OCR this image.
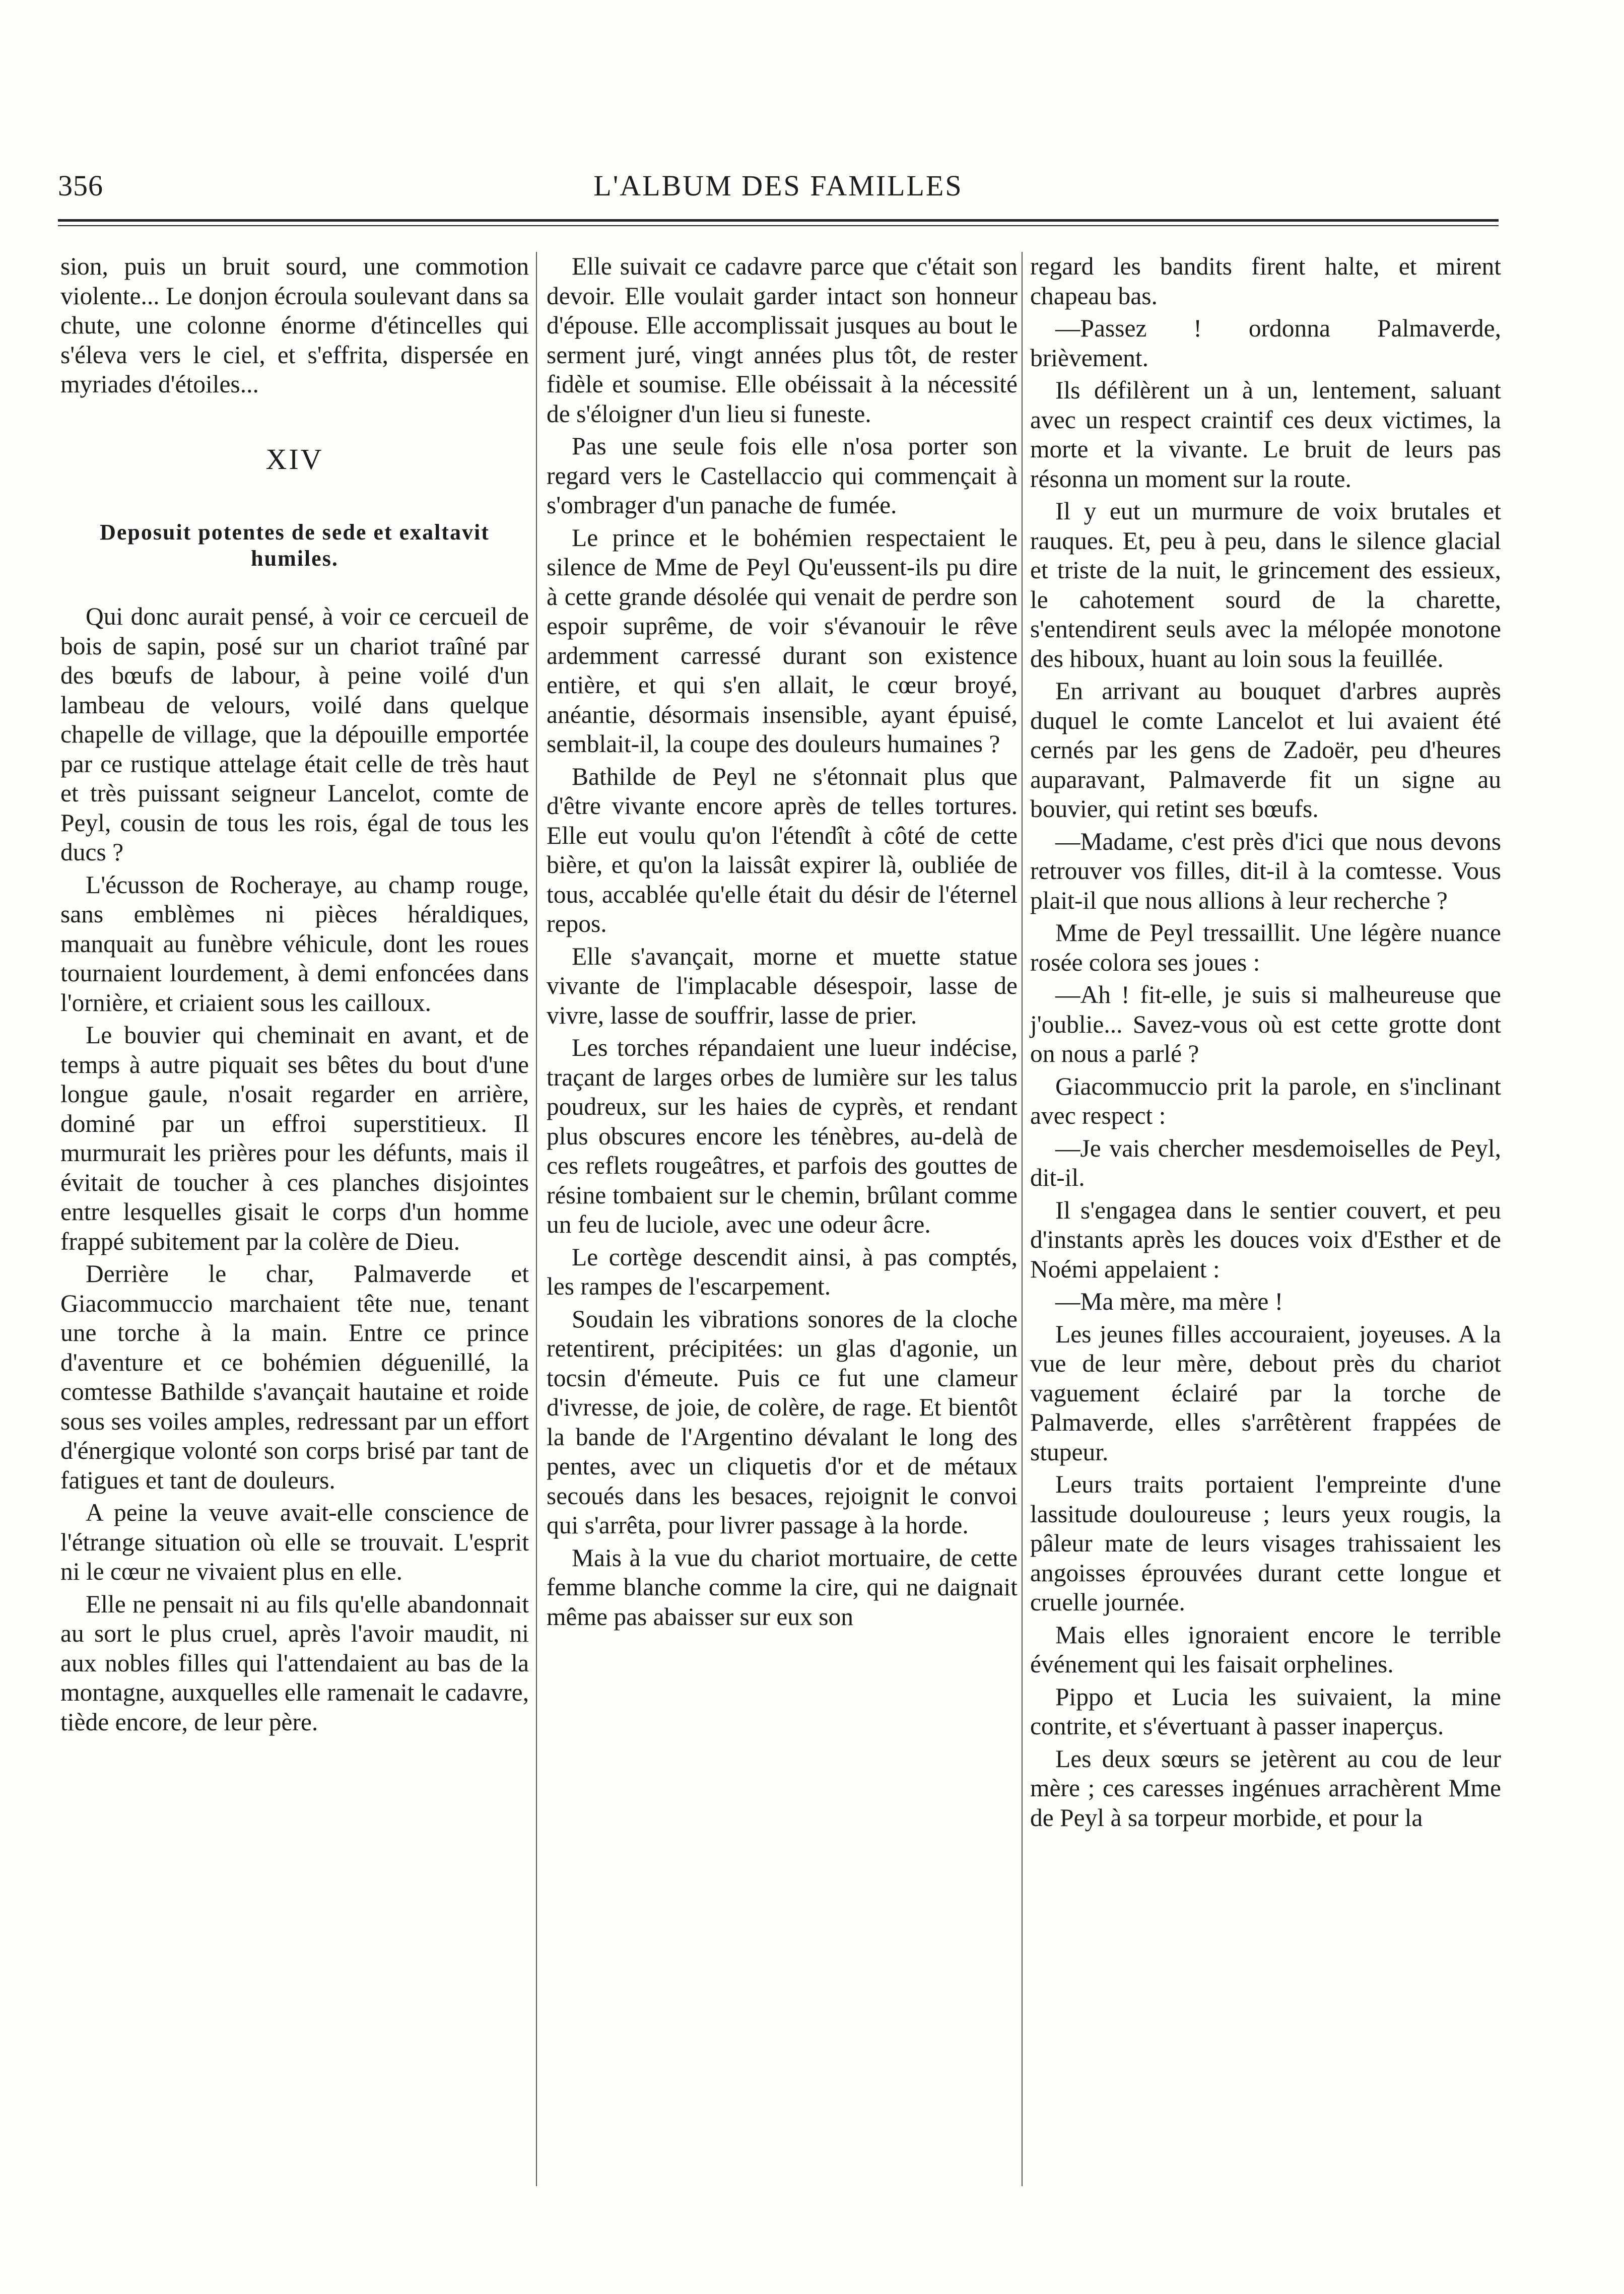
356	L'ALBUM DES FAMILLES

sion, puis un bruit sourd, une commotion violente... Le donjon écroula soulevant dans sa chute, une colonne énorme d'étincelles qui s'éleva vers le ciel, et s'effrita, dispersée en myriades d'étoiles...

XIV
Deposuit potentes de sede et exaltavit humiles.

Qui donc aurait pensé, à voir ce cercueil de bois de sapin, posé sur un chariot traîné par des bœufs de labour, à peine voilé d'un lambeau de velours, voilé dans quelque chapelle de village, que la dépouille emportée par ce rustique attelage était celle de très haut et très puissant seigneur Lancelot, comte de Peyl, cousin de tous les rois, égal de tous les ducs ?

L'écusson de Rocheraye, au champ rouge, sans emblèmes ni pièces héraldiques, manquait au funèbre véhicule, dont les roues tournaient lourdement, à demi enfoncées dans l'ornière, et criaient sous les cailloux.

Le bouvier qui cheminait en avant, et de temps à autre piquait ses bêtes du bout d'une longue gaule, n'osait regarder en arrière, dominé par un effroi superstitieux. Il murmurait les prières pour les défunts, mais il évitait de toucher à ces planches disjointes entre lesquelles gisait le corps d'un homme frappé subitement par la colère de Dieu.

Derrière le char, Palmaverde et Giacommuccio marchaient tête nue, tenant une torche à la main. Entre ce prince d'aventure et ce bohémien déguenillé, la comtesse Bathilde s'avançait hautaine et roide sous ses voiles amples, redressant par un effort d'énergique volonté son corps brisé par tant de fatigues et tant de douleurs.

A peine la veuve avait-elle conscience de l'étrange situation où elle se trouvait. L'esprit ni le cœur ne vivaient plus en elle.

Elle ne pensait ni au fils qu'elle abandonnait au sort le plus cruel, après l'avoir maudit, ni aux nobles filles qui l'attendaient au bas de la montagne, auxquelles elle ramenait le cadavre, tiède encore, de leur père.

Elle suivait ce cadavre parce que c'était son devoir. Elle voulait garder intact son honneur d'épouse. Elle accomplissait jusques au bout le serment juré, vingt années plus tôt, de rester fidèle et soumise. Elle obéissait à la nécessité de s'éloigner d'un lieu si funeste.

Pas une seule fois elle n'osa porter son regard vers le Castellaccio qui commençait à s'ombrager d'un panache de fumée.

Le prince et le bohémien respectaient le silence de Mme de Peyl Qu'eussent-ils pu dire à cette grande désolée qui venait de perdre son espoir suprême, de voir s'évanouir le rêve ardemment carressé durant son existence entière, et qui s'en allait, le cœur broyé, anéantie, désormais insensible, ayant épuisé, semblait-il, la coupe des douleurs humaines ?

Bathilde de Peyl ne s'étonnait plus que d'être vivante encore après de telles tortures. Elle eut voulu qu'on l'étendît à côté de cette bière, et qu'on la laissât expirer là, oubliée de tous, accablée qu'elle était du désir de l'éternel repos.

Elle s'avançait, morne et muette statue vivante de l'implacable désespoir, lasse de vivre, lasse de souffrir, lasse de prier.

Les torches répandaient une lueur indécise, traçant de larges orbes de lumière sur les talus poudreux, sur les haies de cyprès, et rendant plus obscures encore les ténèbres, au-delà de ces reflets rougeâtres, et parfois des gouttes de résine tombaient sur le chemin, brûlant comme un feu de luciole, avec une odeur âcre.

Le cortège descendit ainsi, à pas comptés, les rampes de l'escarpement.

Soudain les vibrations sonores de la cloche retentirent, précipitées: un glas d'agonie, un tocsin d'émeute. Puis ce fut une clameur d'ivresse, de joie, de colère, de rage. Et bientôt la bande de l'Argentino dévalant le long des pentes, avec un cliquetis d'or et de métaux secoués dans les besaces, rejoignit le convoi qui s'arrêta, pour livrer passage à la horde.

Mais à la vue du chariot mortuaire, de cette femme blanche comme la cire, qui ne daignait même pas abaisser sur eux son

regard les bandits firent halte, et mirent chapeau bas.

—Passez ! ordonna Palmaverde, brièvement.

Ils défilèrent un à un, lentement, saluant avec un respect craintif ces deux victimes, la morte et la vivante. Le bruit de leurs pas résonna un moment sur la route.

Il y eut un murmure de voix brutales et rauques. Et, peu à peu, dans le silence glacial et triste de la nuit, le grincement des essieux, le cahotement sourd de la charette, s'entendirent seuls avec la mélopée monotone des hiboux, huant au loin sous la feuillée.

En arrivant au bouquet d'arbres auprès duquel le comte Lancelot et lui avaient été cernés par les gens de Zadoër, peu d'heures auparavant, Palmaverde fit un signe au bouvier, qui retint ses bœufs.

—Madame, c'est près d'ici que nous devons retrouver vos filles, dit-il à la comtesse. Vous plait-il que nous allions à leur recherche ?

Mme de Peyl tressaillit. Une légère nuance rosée colora ses joues :

—Ah ! fit-elle, je suis si malheureuse que j'oublie... Savez-vous où est cette grotte dont on nous a parlé ?

Giacommuccio prit la parole, en s'inclinant avec respect :

—Je vais chercher mesdemoiselles de Peyl, dit-il.

Il s'engagea dans le sentier couvert, et peu d'instants après les douces voix d'Esther et de Noémi appelaient :

—Ma mère, ma mère !

Les jeunes filles accouraient, joyeuses. A la vue de leur mère, debout près du chariot vaguement éclairé par la torche de Palmaverde, elles s'arrêtèrent frappées de stupeur.

Leurs traits portaient l'empreinte d'une lassitude douloureuse ; leurs yeux rougis, la pâleur mate de leurs visages trahissaient les angoisses éprouvées durant cette longue et cruelle journée.

Mais elles ignoraient encore le terrible événement qui les faisait orphelines.

Pippo et Lucia les suivaient, la mine contrite, et s'évertuant à passer inaperçus.

Les deux sœurs se jetèrent au cou de leur mère ; ces caresses ingénues arrachèrent Mme de Peyl à sa torpeur morbide, et pour la
